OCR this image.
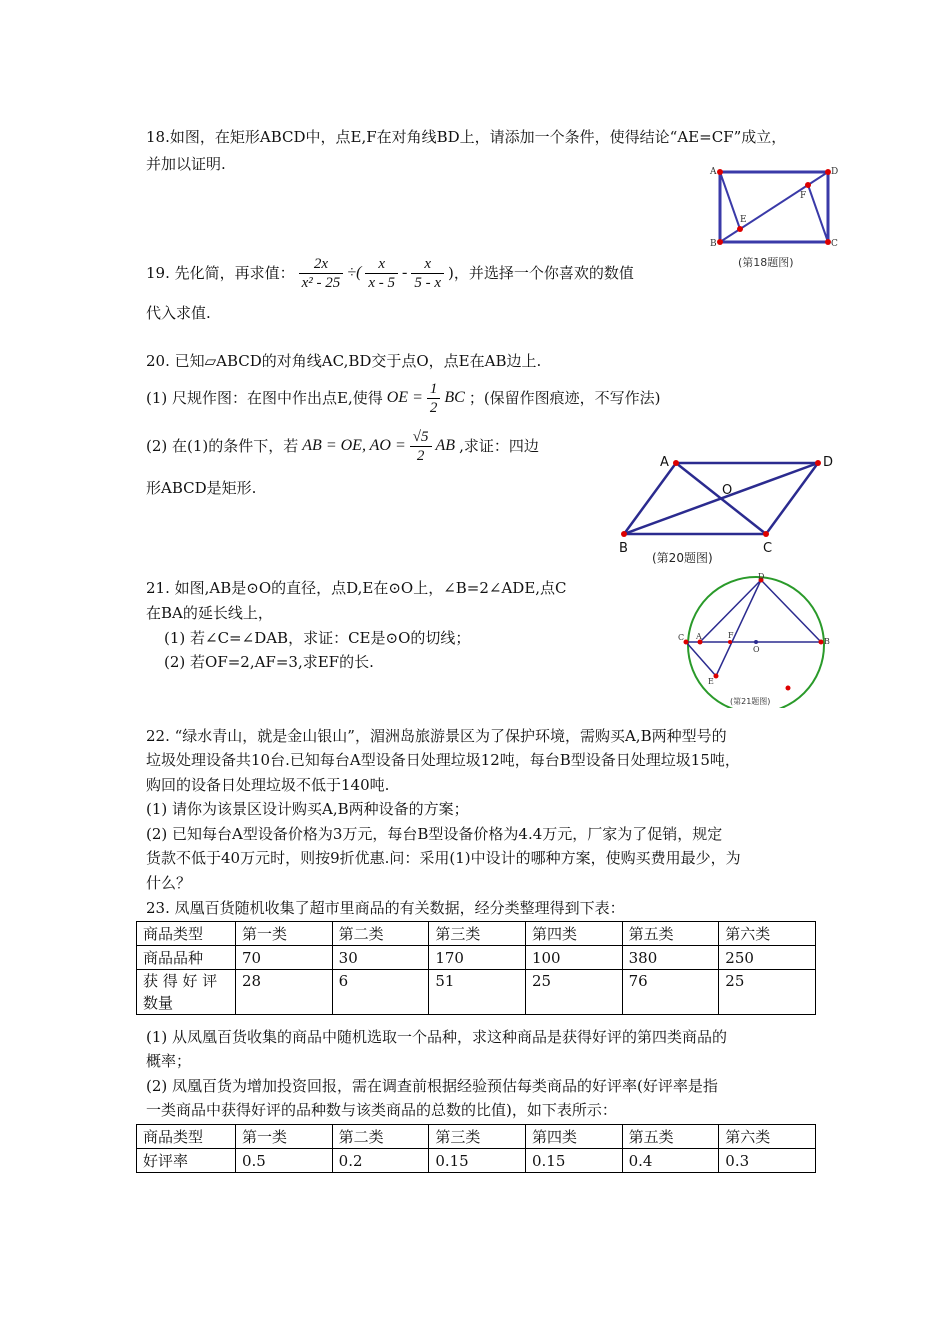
18.如图，在矩形ABCD中，点E,F在对角线BD上，请添加一个条件，使得结论“AE=CF”成立，
并加以证明.	A	D
B	C
E
F
(第18题图)
19. 先化简，再求值： $\frac{2x}{\text{x² - 25}}$ ÷( $\frac{x}{x - 5} - \frac{x}{5 - x}$ )，并选择一个你喜欢的数值
代入求值.
20. 已知▱ABCD的对角线AC,BD交于点O，点E在AB边上.
(1) 尺规作图：在图中作出点E,使得 OE = $\frac{1}{2}$ BC ；(保留作图痕迹，不写作法)
(2) 在(1)的条件下，若 AB = OE, AO = $\frac{√5}{2}$ AB ,求证：四边
形ABCD是矩形.
A	D
B	C
O
(第20题图)
21. 如图,AB是⊙O的直径，点D,E在⊙O上，∠B=2∠ADE,点C
在BA的延长线上，
(1) 若∠C=∠DAB，求证：CE是⊙O的切线；
(2) 若OF=2,AF=3,求EF的长.
C A
B
D
E
F
O
(第21题图)
22. “绿水青山，就是金山银山”，湄洲岛旅游景区为了保护环境，需购买A,B两种型号的
垃圾处理设备共10台.已知每台A型设备日处理垃圾12吨，每台B型设备日处理垃圾15吨，
购回的设备日处理垃圾不低于140吨.
(1) 请你为该景区设计购买A,B两种设备的方案；
(2) 已知每台A型设备价格为3万元，每台B型设备价格为4.4万元，厂家为了促销，规定
货款不低于40万元时，则按9折优惠.问：采用(1)中设计的哪种方案，使购买费用最少，为
什么？
23. 凤凰百货随机收集了超市里商品的有关数据，经分类整理得到下表：
商品类型	第一类	第二类	第三类	第四类	第五类	第六类
商品品种	70	30	170	100	380	250

获 得 好 评
数量	28	6	51	25	76	25
(1) 从凤凰百货收集的商品中随机选取一个品种，求这种商品是获得好评的第四类商品的
概率；
(2) 凤凰百货为增加投资回报，需在调查前根据经验预估每类商品的好评率(好评率是指
一类商品中获得好评的品种数与该类商品的总数的比值)，如下表所示：
商品类型	第一类	第二类	第三类	第四类	第五类	第六类
好评率	0.5	0.2	0.15	0.15	0.4	0.3
